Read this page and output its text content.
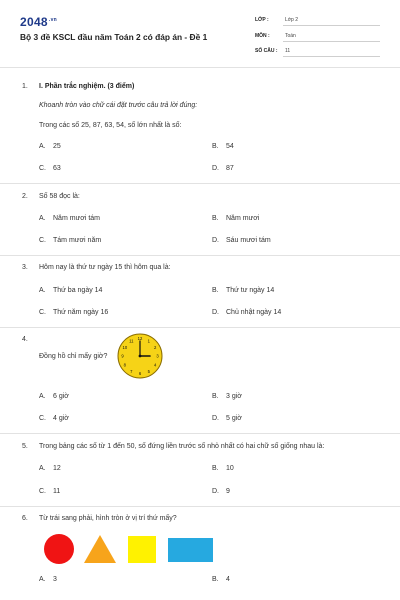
$2048^{.vn}$
Bộ 3 đề KSCL đầu năm Toán 2 có đáp án - Đề 1
LỚP :	Lớp 2
MÔN :	Toán
SỐ CÂU : 11
1. I. Phần trắc nghiệm. (3 điểm)
Khoanh tròn vào chữ cái đặt trước câu trả lời đúng:
Trong các số 25, 87, 63, 54, số lớn nhất là số:
A. 25	B. 54
C. 63	D. 87
2. Số 58 đọc là:
A. Năm mươi tám	B. Năm mươi
C. Tám mươi năm	D. Sáu mươi tám
3. Hôm nay là thứ tư ngày 15 thì hôm qua là:
A. Thứ ba ngày 14	B. Thứ tư ngày 14
C. Thứ năm ngày 16	D. Chủ nhật ngày 14
4.
Đồng hồ chỉ mấy giờ?
12 1
2
3
4
5
6
7
8
9
10
11
A. 6 giờ	B. 3 giờ
C. 4 giờ	D. 5 giờ
5. Trong bảng các số từ 1 đến 50, số đứng liền trước số nhỏ nhất có hai chữ số giống nhau là:
A. 12	B. 10
C. 11	D. 9
6. Từ trái sang phải, hình tròn ở vị trí thứ mấy?
A. 3	B. 4
